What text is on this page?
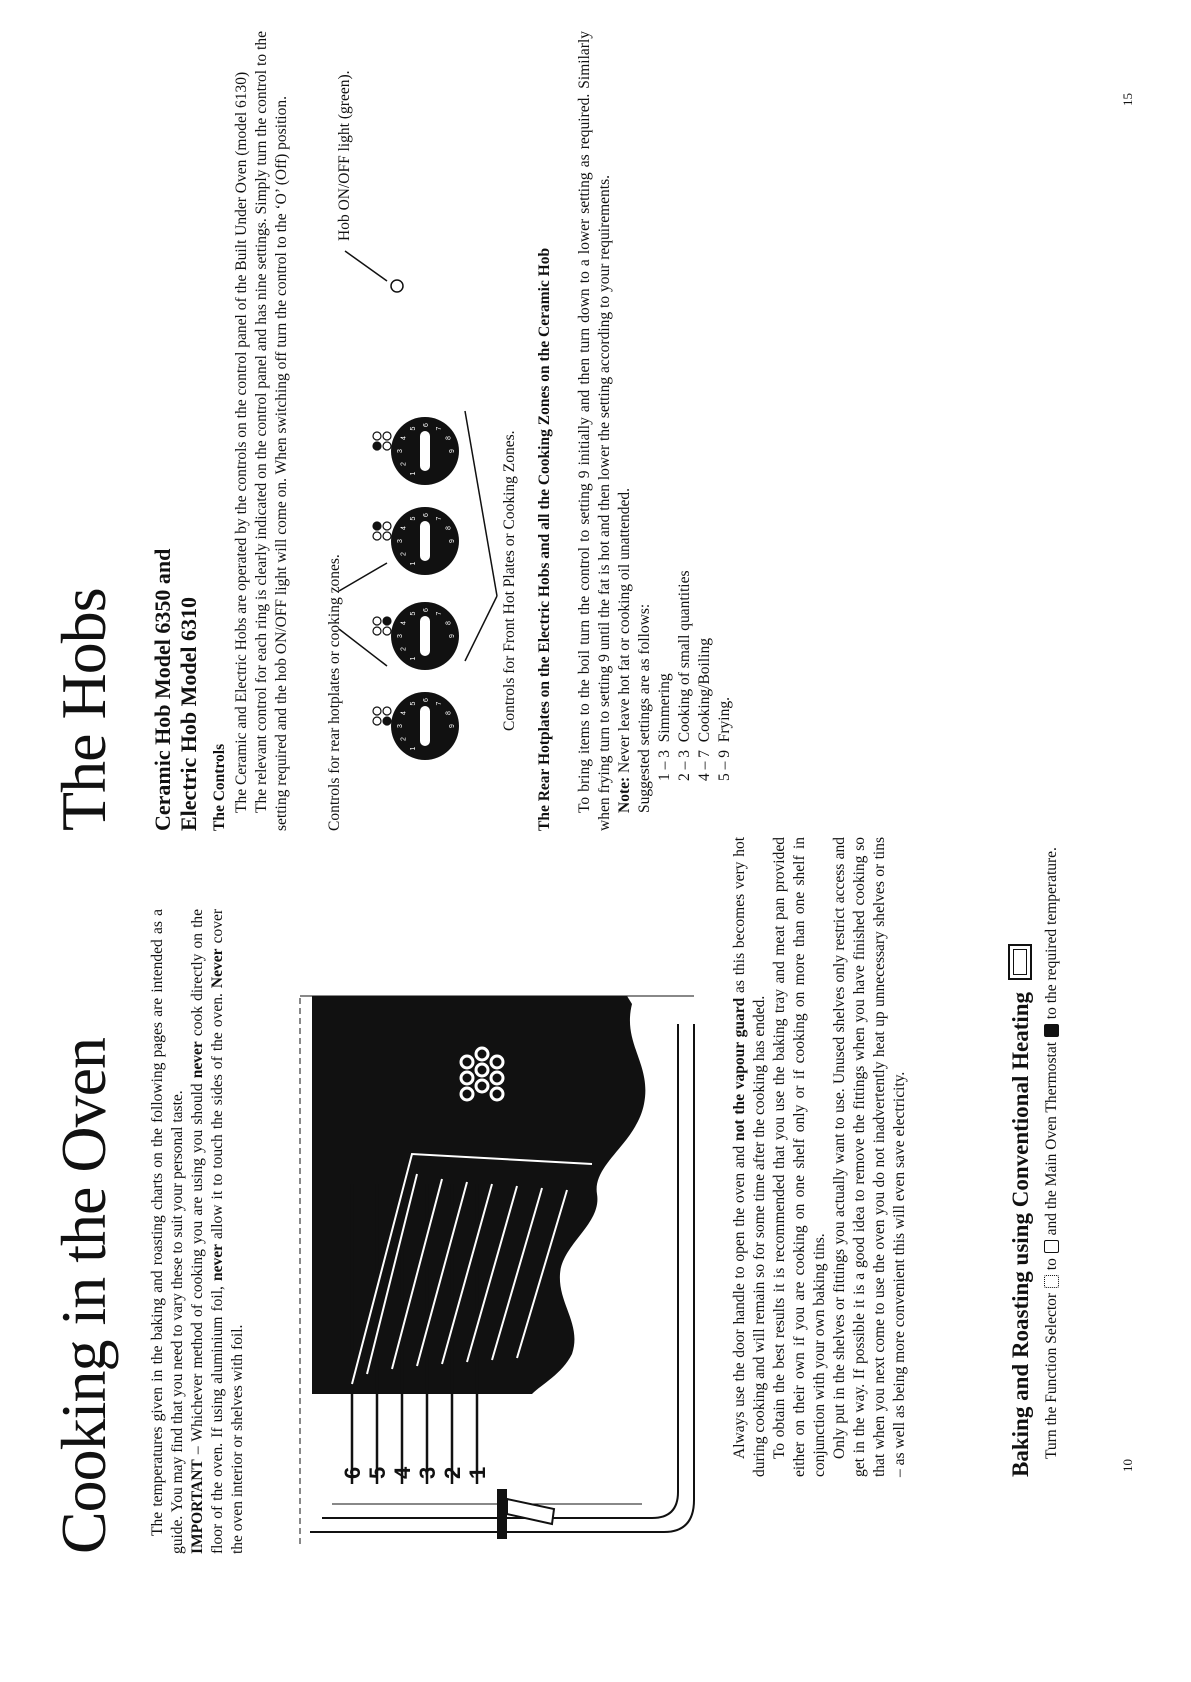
Cooking in the Oven The temperatures given in the baking and roasting charts on the following pages are intended as a guide. You may find that you need to vary these to suit your personal taste. IMPORTANT – Whichever method of cooking you are using you should never cook directly on the floor of the oven. If using aluminium foil, never allow it to touch the sides of the oven. Never cover the oven interior or shelves with foil.	6 5 4 3 2 1

Always use the door handle to open the oven and not the vapour guard as this becomes very hot during cooking and will remain so for some time after the cooking has ended. To obtain the best results it is recommended that you use the baking tray and meat pan provided either on their own if you are cooking on one shelf only or if cooking on more than one shelf in conjunction with your own baking tins. Only put in the shelves or fittings you actually want to use. Unused shelves only restrict access and get in the way. If possible it is a good idea to remove the fittings when you have finished cooking so that when you next come to use the oven you do not inadvertently heat up unnecessary shelves or tins – as well as being more convenient this will even save electricity.	Baking and Roasting using Conventional Heating Turn the Function Selector  to  and the Main Oven Thermostat  to the required temperature.

10
The Hobs Ceramic Hob Model 6350 and Electric Hob Model 6310 The Controls The Ceramic and Electric Hobs are operated by the controls on the control panel of the Built Under Oven (model 6130) The relevant control for each ring is clearly indicated on the control panel and has nine settings. Simply turn the control to the setting required and the hob ON/OFF light will come on. When switching off turn the control to the ‘O’ (Off) position.	1
2
3
4
5
6
7
8
9
1
2
3
4
5
6
7
8
9
1
2
3
4
5
6
7
8
9
1
2
3
4
5
6
7
8
9
Controls for rear hotplates or cooking zones.
Hob ON/OFF light (green).
Controls for Front Hot Plates or Cooking Zones. The Rear Hotplates on the Electric Hobs and all the Cooking Zones on the Ceramic Hob To bring items to the boil turn the control to setting 9 initially and then turn down to a lower setting as required. Similarly when frying turn to setting 9 until the fat is hot and then lower the setting according to your requirements. Note: Never leave hot fat or cooking oil unattended. Suggested settings are as follows: 1 – 3  Simmering
2 – 3  Cooking of small quantities
4 – 7  Cooking/Boiling
5 – 9  Frying.
15
